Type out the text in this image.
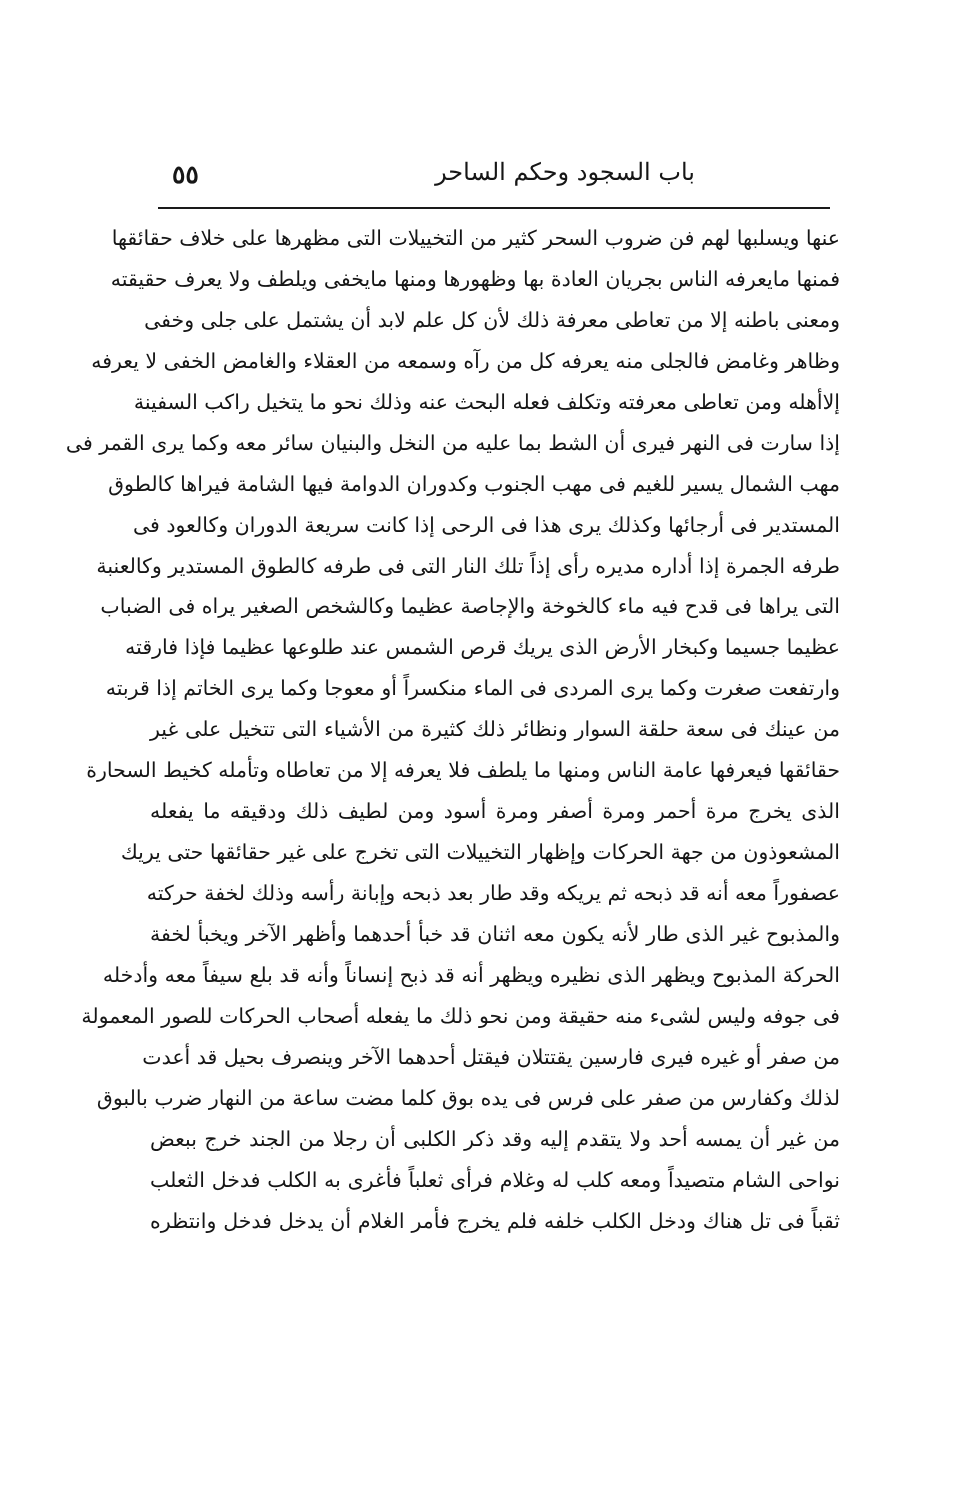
باب السجود وحكم الساحر
٥٥
عنها ويسلبها لهم فن ضروب السحر كثير من التخييلات التى مظهرها على خلاف حقائقها
فمنها مايعرفه الناس بجريان العادة بها وظهورها ومنها مايخفى ويلطف ولا يعرف حقيقته
ومعنى باطنه إلا من تعاطى معرفة ذلك لأن كل علم لابد أن يشتمل على جلى وخفى
وظاهر وغامض فالجلى منه يعرفه كل من رآه وسمعه من العقلاء والغامض الخفى لا يعرفه
إلاأهله ومن تعاطى معرفته وتكلف فعله البحث عنه وذلك نحو ما يتخيل راكب السفينة
إذا سارت فى النهر فيرى أن الشط بما عليه من النخل والبنيان سائر معه وكما يرى القمر فى
مهب الشمال يسير للغيم فى مهب الجنوب وكدوران الدوامة فيها الشامة فيراها كالطوق
المستدير فى أرجائها وكذلك يرى هذا فى الرحى إذا كانت سريعة الدوران وكالعود فى
طرفه الجمرة إذا أداره مديره رأى إذاً تلك النار التى فى طرفه كالطوق المستدير وكالعنبة
التى يراها فى قدح فيه ماء كالخوخة والإجاصة عظيما وكالشخص الصغير يراه فى الضباب
عظيما جسيما وكبخار الأرض الذى يريك قرص الشمس عند طلوعها عظيما فإذا فارقته
وارتفعت صغرت وكما يرى المردى فى الماء منكسراً أو معوجا وكما يرى الخاتم إذا قربته
من عينك فى سعة حلقة السوار ونظائر ذلك كثيرة من الأشياء التى تتخيل على غير
حقائقها فيعرفها عامة الناس ومنها ما يلطف فلا يعرفه إلا من تعاطاه وتأمله كخيط السحارة
الذى يخرج مرة أحمر ومرة أصفر ومرة أسود ومن لطيف ذلك ودقيقه ما يفعله
المشعوذون من جهة الحركات وإظهار التخييلات التى تخرج على غير حقائقها حتى يريك
عصفوراً معه أنه قد ذبحه ثم يريكه وقد طار بعد ذبحه وإبانة رأسه وذلك لخفة حركته
والمذبوح غير الذى طار لأنه يكون معه اثنان قد خبأ أحدهما وأظهر الآخر ويخبأ لخفة
الحركة المذبوح ويظهر الذى نظيره ويظهر أنه قد ذبح إنساناً وأنه قد بلع سيفاً معه وأدخله
فى جوفه وليس لشىء منه حقيقة ومن نحو ذلك ما يفعله أصحاب الحركات للصور المعمولة
من صفر أو غيره فيرى فارسين يقتتلان فيقتل أحدهما الآخر وينصرف بحيل قد أعدت
لذلك وكفارس من صفر على فرس فى يده بوق كلما مضت ساعة من النهار ضرب بالبوق
من غير أن يمسه أحد ولا يتقدم إليه وقد ذكر الكلبى أن رجلا من الجند خرج ببعض
نواحى الشام متصيداً ومعه كلب له وغلام فرأى ثعلباً فأغرى به الكلب فدخل الثعلب
ثقباً فى تل هناك ودخل الكلب خلفه فلم يخرج فأمر الغلام أن يدخل فدخل وانتظره
